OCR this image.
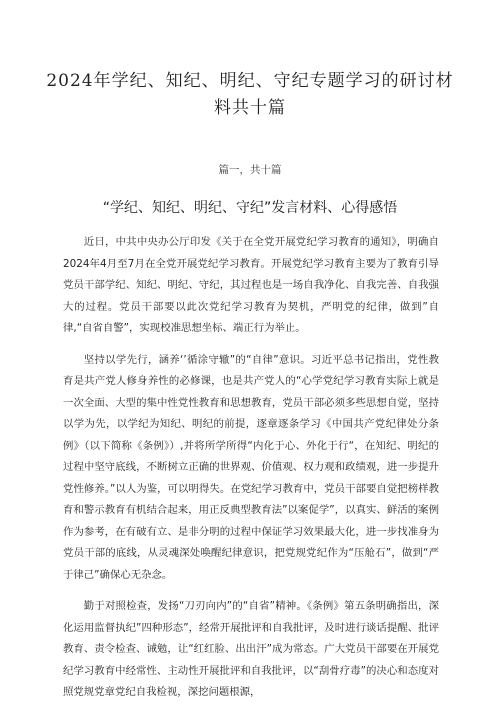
2024年学纪、知纪、明纪、守纪专题学习的研讨材料共十篇
篇一，共十篇
“学纪、知纪、明纪、守纪”发言材料、心得感悟

近日，中共中央办公厅印发《关于在全党开展党纪学习教育的通知》，明确自2024年4月至7月在全党开展党纪学习教育。开展党纪学习教育主要为了教育引导党员干部学纪、知纪、明纪、守纪，其过程也是一场自我净化、自我完善、自我强大的过程。党员干部要以此次党纪学习教育为契机，严明党的纪律，做到”自律,“自省自警”，实现校准思想坐标、端正行为举止。

坚持以学先行，涵养‘’循涂守辙”的“自律”意识。习近平总书记指出，党性教育是共产党人修身养性的必修课，也是共产党人的“心学党纪学习教育实际上就是一次全面、大型的集中性党性教育和思想教育，党员干部必须多些思想自觉，坚持以学为先，以学纪为知纪、明纪的前提，逐章逐条学习《中国共产党纪律处分条例》（以下简称《条例》）,并将所学所得“内化于心、外化于行“，在知纪、明纪的过程中坚守底线，不断树立正确的世界观、价值观、权力观和政绩观，进一步提升党性修养。”以人为鉴，可以明得失。在党纪学习教育中，党员干部要自觉把榜样教育和警示教育有机结合起来，用正反典型教育法”以案促学”，以真实、鲜活的案例作为参考，在有破有立、是非分明的过程中保证学习效果最大化，进一步找准身为党员干部的底线，从灵魂深处唤醒纪律意识，把党规党纪作为“压舱石”，做到“严于律己”确保心无杂念。

勤于对照检查，发扬“刀刃向内”的“自省”精神。《条例》第五条明确指出，深化运用监督执纪”四种形态”，经常开展批评和自我批评，及时进行谈话提醒、批评教育、责令检查、诫勉，让“红红脸、出出汗”成为常态。广大党员干部要在开展党纪学习教育中经常性、主动性开展批评和自我批评，以“刮骨疗毒”的决心和态度对照党规党章党纪自我检视，深挖问题根源，
